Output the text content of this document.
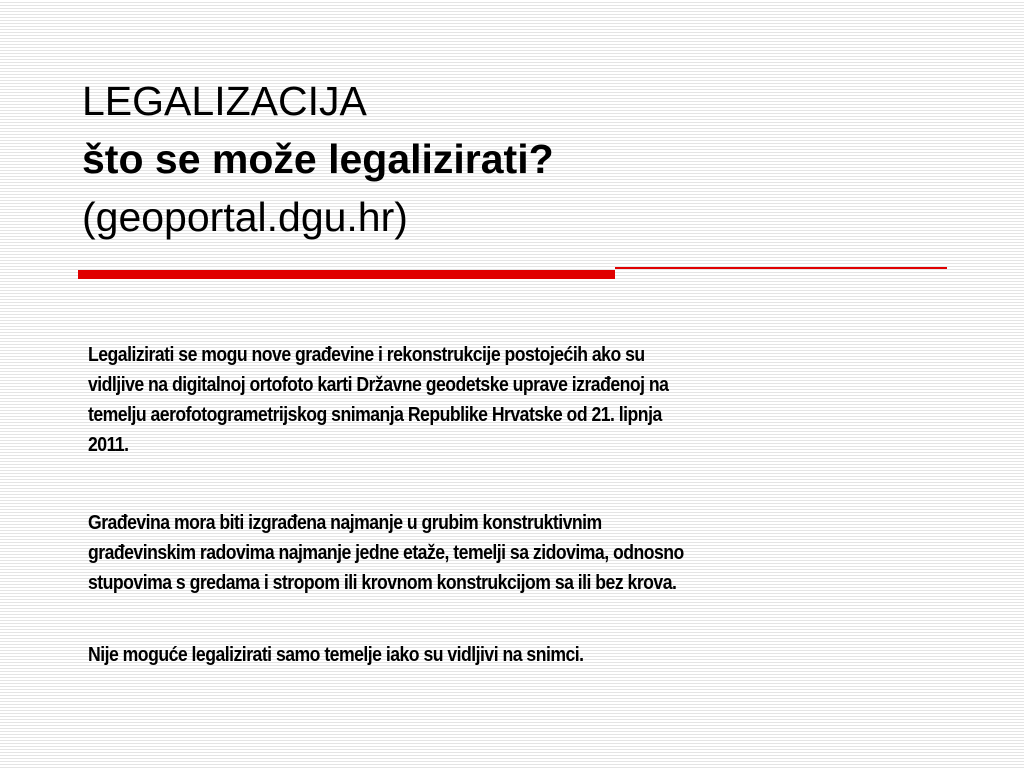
LEGALIZACIJA
što se može legalizirati?
(geoportal.dgu.hr)

Legalizirati se mogu nove građevine i rekonstrukcije postojećih ako su
vidljive na digitalnoj ortofoto karti Državne geodetske uprave izrađenoj na
temelju aerofotogrametrijskog snimanja Republike Hrvatske od 21. lipnja
2011.

Građevina mora biti izgrađena najmanje u grubim konstruktivnim
građevinskim radovima najmanje jedne etaže, temelji sa zidovima, odnosno
stupovima s gredama i stropom ili krovnom konstrukcijom sa ili bez krova.

Nije moguće legalizirati samo temelje iako su vidljivi na snimci.
